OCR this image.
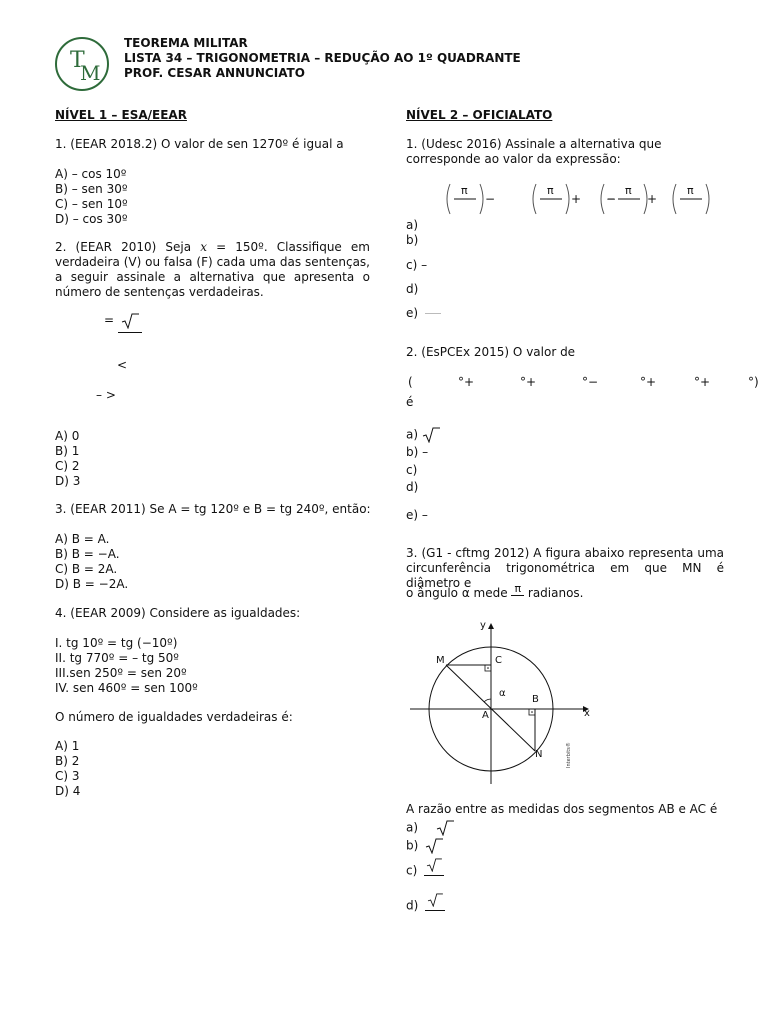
T
M
TEOREMA MILITAR
LISTA 34 – TRIGONOMETRIA – REDUÇÃO AO 1º QUADRANTE
PROF. CESAR ANNUNCIATO
NÍVEL 1 – ESA/EEAR
1. (EEAR 2018.2) O valor de sen 1270º é igual a
A) – cos 10º
B) – sen 30º
C) – sen 10º
D) – cos 30º
2. (EEAR 2010) Seja x = 150º. Classifique em verdadeira (V) ou falsa (F) cada uma das sentenças, a seguir assinale a alternativa que apresenta o número de sentenças verdadeiras.
=
<
– >
A) 0
B) 1
C) 2
D) 3
3. (EEAR 2011) Se A = tg 120º e B = tg 240º, então:
A) B = A.
B) B = −A.
C) B = 2A.
D) B = −2A.
4. (EEAR 2009) Considere as igualdades:
I. tg 10º = tg (−10º)
II. tg 770º = – tg 50º
III.sen 250º = sen 20º
IV. sen 460º = sen 100º
O número de igualdades verdadeiras é:
A) 1
B) 2
C) 3
D) 4
NÍVEL 2 – OFICIALATO
1. (Udesc 2016) Assinale a alternativa que corresponde ao valor da expressão:
π	π	π	π
−	+ −	+
a)
b)
c) –
d)
e)
2. (EsPCEx 2015) O valor de
(	°+	°+	°−	°+	°+	°)
é
a)
b) –
c)
d)
e) –
3. (G1 - cftmg 2012) A figura abaixo representa uma circunferência trigonométrica em que MN é diâmetro e
o ângulo α mede π radianos.
y
x
M	C
α
B
A
N	Interbits®
A razão entre as medidas dos segmentos AB e AC é
a)
b)
c)
d)
